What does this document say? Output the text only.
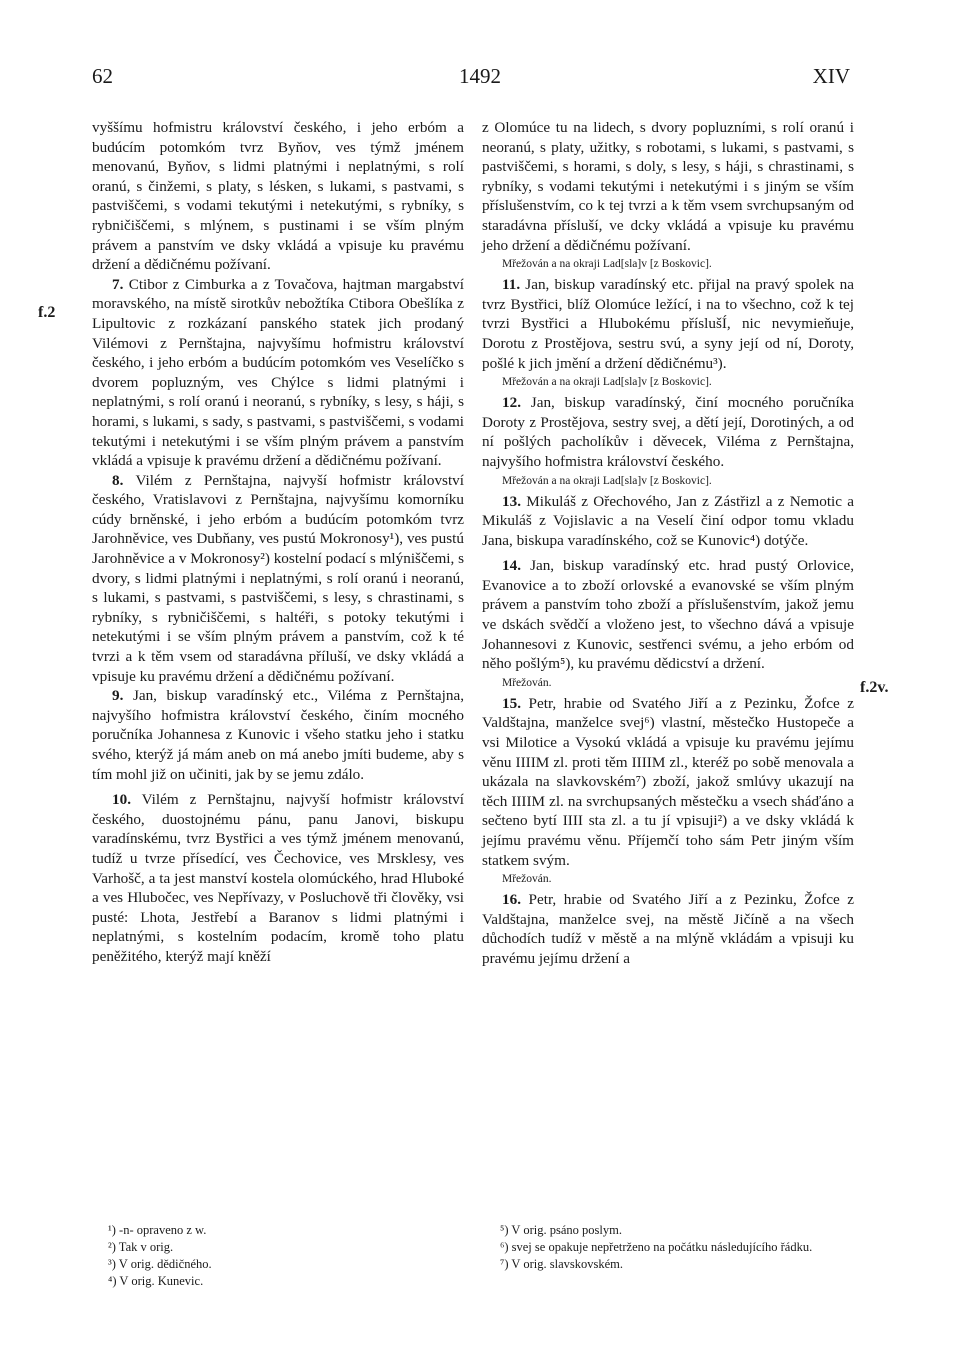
62	1492	XIV
f.2
f.2v.

vyššímu hofmistru království českého, i jeho erbóm a budúcím potomkóm tvrz Byňov, ves týmž jménem menovanú, Byňov, s lidmi platnými i neplatnými, s rolí oranú, s činžemi, s platy, s lésken, s lukami, s pastvami, s pastviščemi, s vodami tekutými i netekutými, s rybníky, s rybničiščemi, s mlýnem, s pustinami i se vším plným právem a panstvím ve dsky vkládá a vpisuje ku pravému držení a dědičnému požívaní.

7. Ctibor z Cimburka a z Tovačova, hajtman margabství moravského, na místě sirotkův nebožtíka Ctibora Obešlíka z Lipultovic z rozkázaní panského statek jich prodaný Vilémovi z Pernštajna, najvyšímu hofmistru království českého, i jeho erbóm a budúcím potomkóm ves Veselíčko s dvorem popluzným, ves Chýlce s lidmi platnými i neplatnými, s rolí oranú i neoranú, s rybníky, s lesy, s háji, s horami, s lukami, s sady, s pastvami, s pastviščemi, s vodami tekutými i netekutými i se vším plným právem a panstvím vkládá a vpisuje k pravému držení a dědičnému požívaní.

8. Vilém z Pernštajna, najvyší hofmistr království českého, Vratislavovi z Pernštajna, najvyšímu komorníku cúdy brněnské, i jeho erbóm a budúcím potomkóm tvrz Jarohněvice, ves Dubňany, ves pustú Mokronosy¹), ves pustú Jarohněvice a v Mokronosy²) kostelní podací s mlýniščemi, s dvory, s lidmi platnými i neplatnými, s rolí oranú i neoranú, s lukami, s pastvami, s pastviščemi, s lesy, s chrastinami, s rybníky, s rybničiščemi, s haltéři, s potoky tekutými i netekutými i se vším plným právem a panstvím, což k té tvrzi a k těm vsem od staradávna příluší, ve dsky vkládá a vpisuje ku pravému držení a dědičnému požívaní.

9. Jan, biskup varadínský etc., Viléma z Pernštajna, najvyšího hofmistra království českého, činím mocného poručníka Johannesa z Kunovic i všeho statku jeho i statku svého, kterýž já mám aneb on má anebo jmíti budeme, aby s tím mohl již on učiniti, jak by se jemu zdálo.

10. Vilém z Pernštajnu, najvyší hofmistr království českého, duostojnému pánu, panu Janovi, biskupu varadínskému, tvrz Bystřici a ves týmž jménem menovanú, tudíž u tvrze přísedící, ves Čechovice, ves Mrsklesy, ves Varhošč, a ta jest manství kostela olomúckého, hrad Hluboké a ves Hlubočec, ves Nepřívazy, v Posluchově tři člověky, vsi pusté: Lhota, Jestřebí a Baranov s lidmi platnými i neplatnými, s kostelním podacím, kromě toho platu peněžitého, kterýž mají kněží

z Olomúce tu na lidech, s dvory popluzními, s rolí oranú i neoranú, s platy, užitky, s robotami, s lukami, s pastvami, s pastviščemi, s horami, s doly, s lesy, s háji, s chrastinami, s rybníky, s vodami tekutými i netekutými i s jiným se vším příslušenstvím, co k tej tvrzi a k těm vsem svrchupsaným od staradávna přísluší, ve dcky vkládá a vpisuje ku pravému jeho držení a dědičnému požívaní.

Mřežován a na okraji Lad[sla]v [z Boskovic].

11. Jan, biskup varadínský etc. přijal na pravý spolek na tvrz Bystřici, blíž Olomúce ležící, i na to všechno, což k tej tvrzi Bystřici a Hlubokému příslušÍ, nic nevymieňuje, Dorotu z Prostějova, sestru svú, a syny její od ní, Doroty, pošlé k jich jmění a držení dědičnému³).

Mřežován a na okraji Lad[sla]v [z Boskovic].

12. Jan, biskup varadínský, činí mocného poručníka Doroty z Prostějova, sestry svej, a dětí její, Dorotiných, a od ní pošlých pacholíkův i děvecek, Viléma z Pernštajna, najvyšího hofmistra království českého.

Mřežován a na okraji Lad[sla]v [z Boskovic].

13. Mikuláš z Ořechového, Jan z Zástřizl a z Nemotic a Mikuláš z Vojislavic a na Veselí činí odpor tomu vkladu Jana, biskupa varadínského, což se Kunovic⁴) dotýče.

14. Jan, biskup varadínský etc. hrad pustý Orlovice, Evanovice a to zboží orlovské a evanovské se vším plným právem a panstvím toho zboží a příslušenstvím, jakož jemu ve dskách svědčí a vloženo jest, to všechno dává a vpisuje Johannesovi z Kunovic, sestřenci svému, a jeho erbóm od něho pošlým⁵), ku pravému dědicství a držení.

Mřežován.

15. Petr, hrabie od Svatého Jiří a z Pezinku, Žofce z Valdštajna, manželce svej⁶) vlastní, městečko Hustopeče a vsi Milotice a Vysokú vkládá a vpisuje ku pravému jejímu věnu IIIIM zl. proti těm IIIIM zl., kteréž po sobě menovala a ukázala na slavkovském⁷) zboží, jakož smlúvy ukazují na těch IIIIM zl. na svrchupsaných městečku a vsech sháďáno a sečteno bytí IIII sta zl. a tu jí vpisuji²) a ve dsky vkládá k jejímu pravému věnu. Příjemčí toho sám Petr jiným vším statkem svým.

Mřežován.

16. Petr, hrabie od Svatého Jiří a z Pezinku, Žofce z Valdštajna, manželce svej, na městě Jičíně a na všech důchodích tudíž v městě a na mlýně vkládám a vpisuji ku pravému jejímu držení a

¹) -n- opraveno z w.
²) Tak v orig.
³) V orig. dědičného.
⁴) V orig. Kunevic.
⁵) V orig. psáno poslym.
⁶) svej se opakuje nepřetrženo na počátku následujícího řádku.
⁷) V orig. slavskovském.
